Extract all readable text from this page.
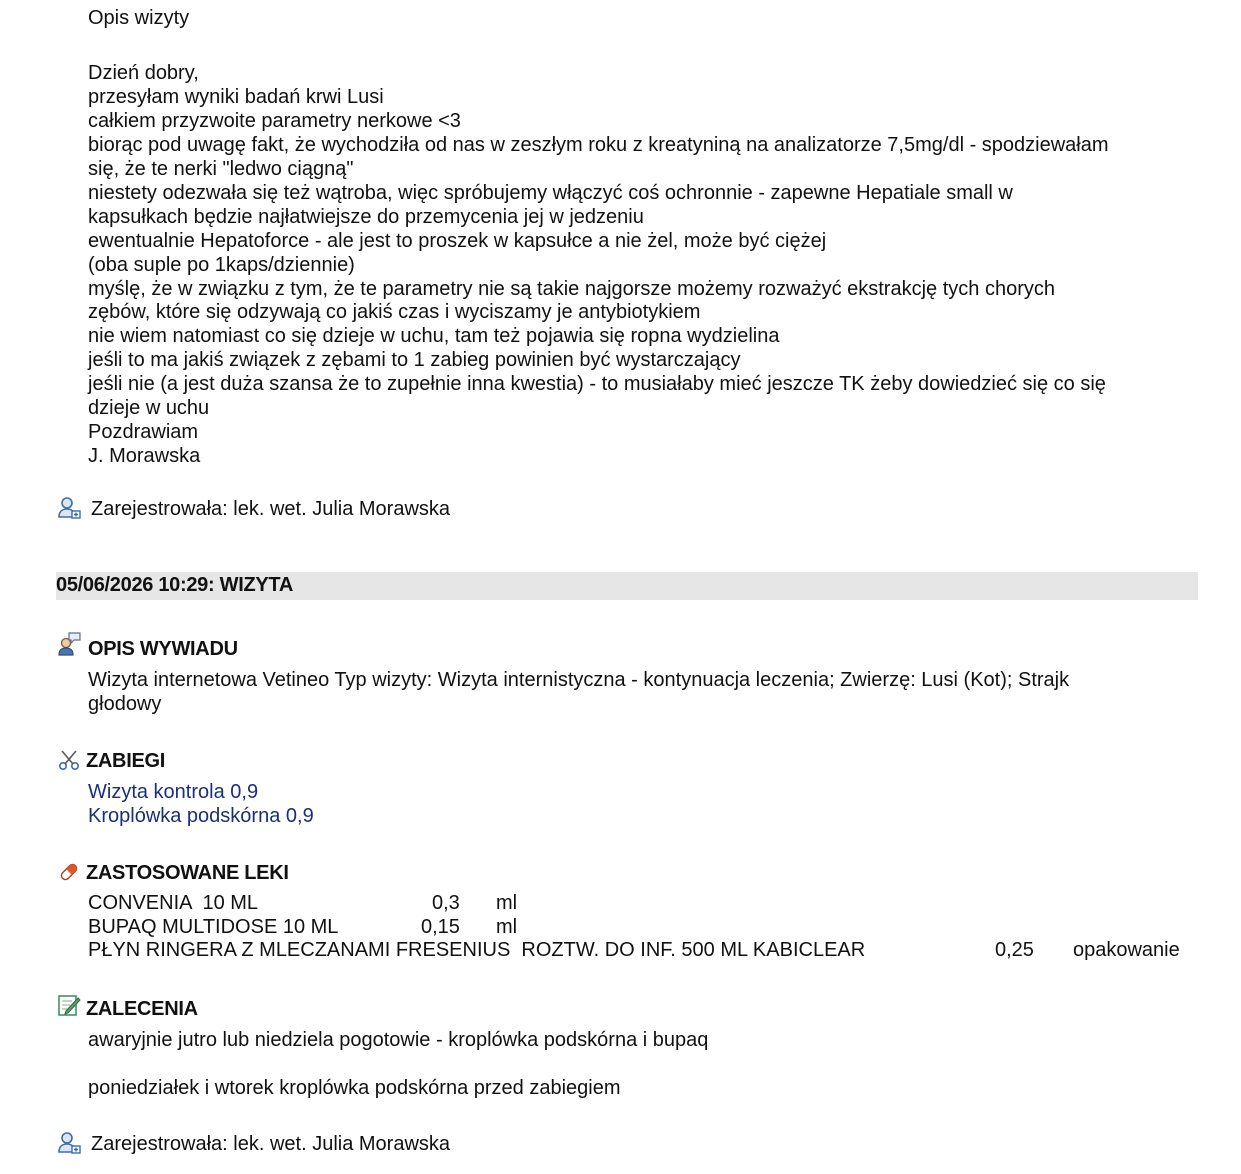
Opis wizyty
Dzień dobry,
przesyłam wyniki badań krwi Lusi
całkiem przyzwoite parametry nerkowe <3
biorąc pod uwagę fakt, że wychodziła od nas w zeszłym roku z kreatyniną na analizatorze 7,5mg/dl - spodziewałam
się, że te nerki "ledwo ciągną"
niestety odezwała się też wątroba, więc spróbujemy włączyć coś ochronnie - zapewne Hepatiale small w
kapsułkach będzie najłatwiejsze do przemycenia jej w jedzeniu
ewentualnie Hepatoforce - ale jest to proszek w kapsułce a nie żel, może być ciężej
(oba suple po 1kaps/dziennie)
myślę, że w związku z tym, że te parametry nie są takie najgorsze możemy rozważyć ekstrakcję tych chorych
zębów, które się odzywają co jakiś czas i wyciszamy je antybiotykiem
nie wiem natomiast co się dzieje w uchu, tam też pojawia się ropna wydzielina
jeśli to ma jakiś związek z zębami to 1 zabieg powinien być wystarczający
jeśli nie (a jest duża szansa że to zupełnie inna kwestia) - to musiałaby mieć jeszcze TK żeby dowiedzieć się co się
dzieje w uchu
Pozdrawiam
J. Morawska
Zarejestrowała: lek. wet. Julia Morawska
05/06/2026 10:29: WIZYTA
OPIS WYWIADU
Wizyta internetowa Vetineo Typ wizyty: Wizyta internistyczna - kontynuacja leczenia; Zwierzę: Lusi (Kot); Strajk
głodowy
ZABIEGI
Wizyta kontrola 0,9
Kroplówka podskórna 0,9
ZASTOSOWANE LEKI
CONVENIA  10 ML	0,3 ml
BUPAQ MULTIDOSE 10 ML	0,15 ml
PŁYN RINGERA Z MLECZANAMI FRESENIUS  ROZTW. DO INF. 500 ML KABICLEAR	0,25 opakowanie
ZALECENIA
awaryjnie jutro lub niedziela pogotowie - kroplówka podskórna i bupaq
poniedziałek i wtorek kroplówka podskórna przed zabiegiem
Zarejestrowała: lek. wet. Julia Morawska
